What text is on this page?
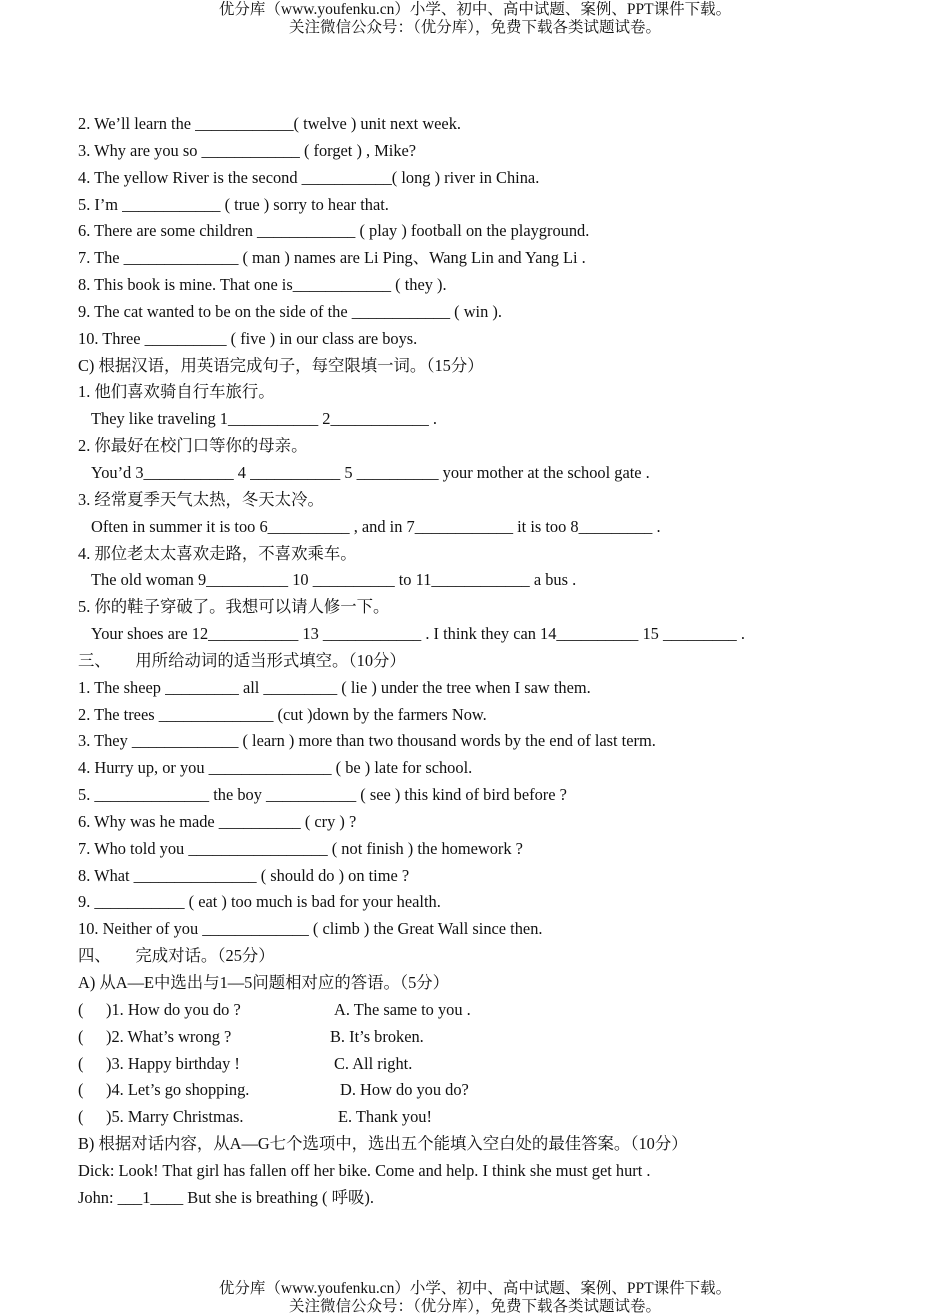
优分库（www.youfenku.cn）小学、初中、高中试题、案例、PPT课件下载。
关注微信公众号：（优分库），免费下载各类试题试卷。
2. We’ll learn the ____________( twelve ) unit next week.
3. Why are you so ____________ ( forget ) , Mike?
4. The yellow River is the second ___________( long ) river in China.
5. I’m ____________ ( true ) sorry to hear that.
6. There are some children ____________ ( play ) football on the playground.
7. The ______________ ( man ) names are Li Ping、Wang Lin and Yang Li .
8. This book is mine. That one is____________ ( they ).
9. The cat wanted to be on the side of the ____________ ( win ).
10. Three __________ ( five ) in our class are boys.
C) 根据汉语，用英语完成句子，每空限填一词。（15分）
1. 他们喜欢骑自行车旅行。
They like traveling 1___________ 2____________ .
2. 你最好在校门口等你的母亲。
You’d 3___________ 4 ___________ 5 __________ your mother at the school gate .
3. 经常夏季天气太热，冬天太冷。
Often in summer it is too 6__________ , and in 7____________ it is too 8_________ .
4. 那位老太太喜欢走路，不喜欢乘车。
The old woman 9__________ 10 __________ to 11____________ a bus .
5. 你的鞋子穿破了。我想可以请人修一下。
Your shoes are 12___________ 13 ____________ . I think they can 14__________ 15 _________ .
三、　　用所给动词的适当形式填空。（10分）
1. The sheep _________ all _________ ( lie ) under the tree when I saw them.
2. The trees ______________ (cut )down by the farmers Now.
3. They _____________ ( learn ) more than two thousand words by the end of last term.
4. Hurry up, or you _______________ ( be ) late for school.
5. ______________ the boy ___________ ( see ) this kind of bird before ?
6. Why was he made __________ ( cry ) ?
7. Who told you _________________ ( not finish ) the homework ?
8. What _______________ ( should do ) on time ?
9. ___________ ( eat ) too much is bad for your health.
10. Neither of you _____________ ( climb ) the Great Wall since then.
四、　　完成对话。（25分）
A) 从A—E中选出与1—5问题相对应的答语。（5分）
( )1. How do you do ?	A. The same to you .
( )2. What’s wrong ?	B. It’s broken.
( )3. Happy birthday !	C. All right.
( )4. Let’s go shopping.	D. How do you do?
( )5. Marry Christmas.	E. Thank you!
B) 根据对话内容，从A—G七个选项中，选出五个能填入空白处的最佳答案。（10分）
Dick: Look! That girl has fallen off her bike. Come and help. I think she must get hurt .
John: ___1____ But she is breathing ( 呼吸).
优分库（www.youfenku.cn）小学、初中、高中试题、案例、PPT课件下载。
关注微信公众号：（优分库），免费下载各类试题试卷。
